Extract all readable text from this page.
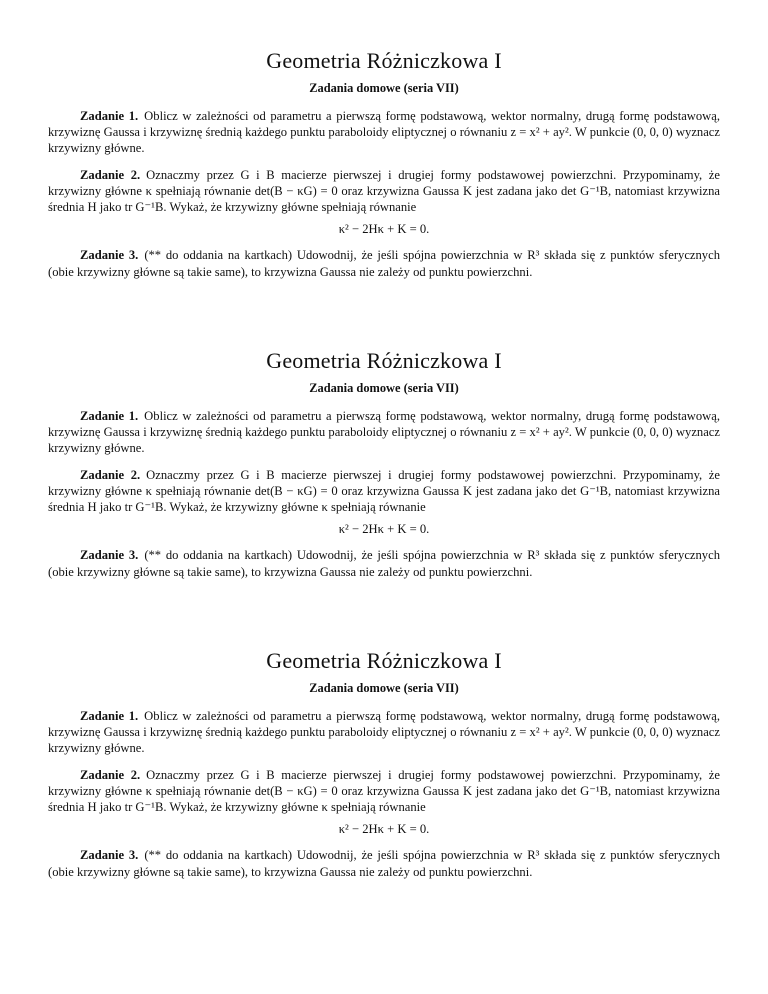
Geometria Różniczkowa I
Zadania domowe (seria VII)

Zadanie 1. Oblicz w zależności od parametru a pierwszą formę podstawową, wektor normalny, drugą formę podstawową, krzywiznę Gaussa i krzywiznę średnią każdego punktu paraboloidy eliptycznej o równaniu z = x² + ay². W punkcie (0, 0, 0) wyznacz krzywizny główne.

Zadanie 2. Oznaczmy przez G i B macierze pierwszej i drugiej formy podstawowej powierzchni. Przypominamy, że krzywizny główne κ spełniają równanie det(B − κG) = 0 oraz krzywizna Gaussa K jest zadana jako det G⁻¹B, natomiast krzywizna średnia H jako tr G⁻¹B. Wykaż, że krzywizny główne spełniają równanie

κ² − 2Hκ + K = 0.

Zadanie 3. (** do oddania na kartkach) Udowodnij, że jeśli spójna powierzchnia w R³ składa się z punktów sferycznych (obie krzywizny główne są takie same), to krzywizna Gaussa nie zależy od punktu powierzchni.

Geometria Różniczkowa I
Zadania domowe (seria VII)

Zadanie 1. Oblicz w zależności od parametru a pierwszą formę podstawową, wektor normalny, drugą formę podstawową, krzywiznę Gaussa i krzywiznę średnią każdego punktu paraboloidy eliptycznej o równaniu z = x² + ay². W punkcie (0, 0, 0) wyznacz krzywizny główne.

Zadanie 2. Oznaczmy przez G i B macierze pierwszej i drugiej formy podstawowej powierzchni. Przypominamy, że krzywizny główne κ spełniają równanie det(B − κG) = 0 oraz krzywizna Gaussa K jest zadana jako det G⁻¹B, natomiast krzywizna średnia H jako tr G⁻¹B. Wykaż, że krzywizny główne κ spełniają równanie

κ² − 2Hκ + K = 0.

Zadanie 3. (** do oddania na kartkach) Udowodnij, że jeśli spójna powierzchnia w R³ składa się z punktów sferycznych (obie krzywizny główne są takie same), to krzywizna Gaussa nie zależy od punktu powierzchni.

Geometria Różniczkowa I
Zadania domowe (seria VII)

Zadanie 1. Oblicz w zależności od parametru a pierwszą formę podstawową, wektor normalny, drugą formę podstawową, krzywiznę Gaussa i krzywiznę średnią każdego punktu paraboloidy eliptycznej o równaniu z = x² + ay². W punkcie (0, 0, 0) wyznacz krzywizny główne.

Zadanie 2. Oznaczmy przez G i B macierze pierwszej i drugiej formy podstawowej powierzchni. Przypominamy, że krzywizny główne κ spełniają równanie det(B − κG) = 0 oraz krzywizna Gaussa K jest zadana jako det G⁻¹B, natomiast krzywizna średnia H jako tr G⁻¹B. Wykaż, że krzywizny główne κ spełniają równanie

κ² − 2Hκ + K = 0.

Zadanie 3. (** do oddania na kartkach) Udowodnij, że jeśli spójna powierzchnia w R³ składa się z punktów sferycznych (obie krzywizny główne są takie same), to krzywizna Gaussa nie zależy od punktu powierzchni.
